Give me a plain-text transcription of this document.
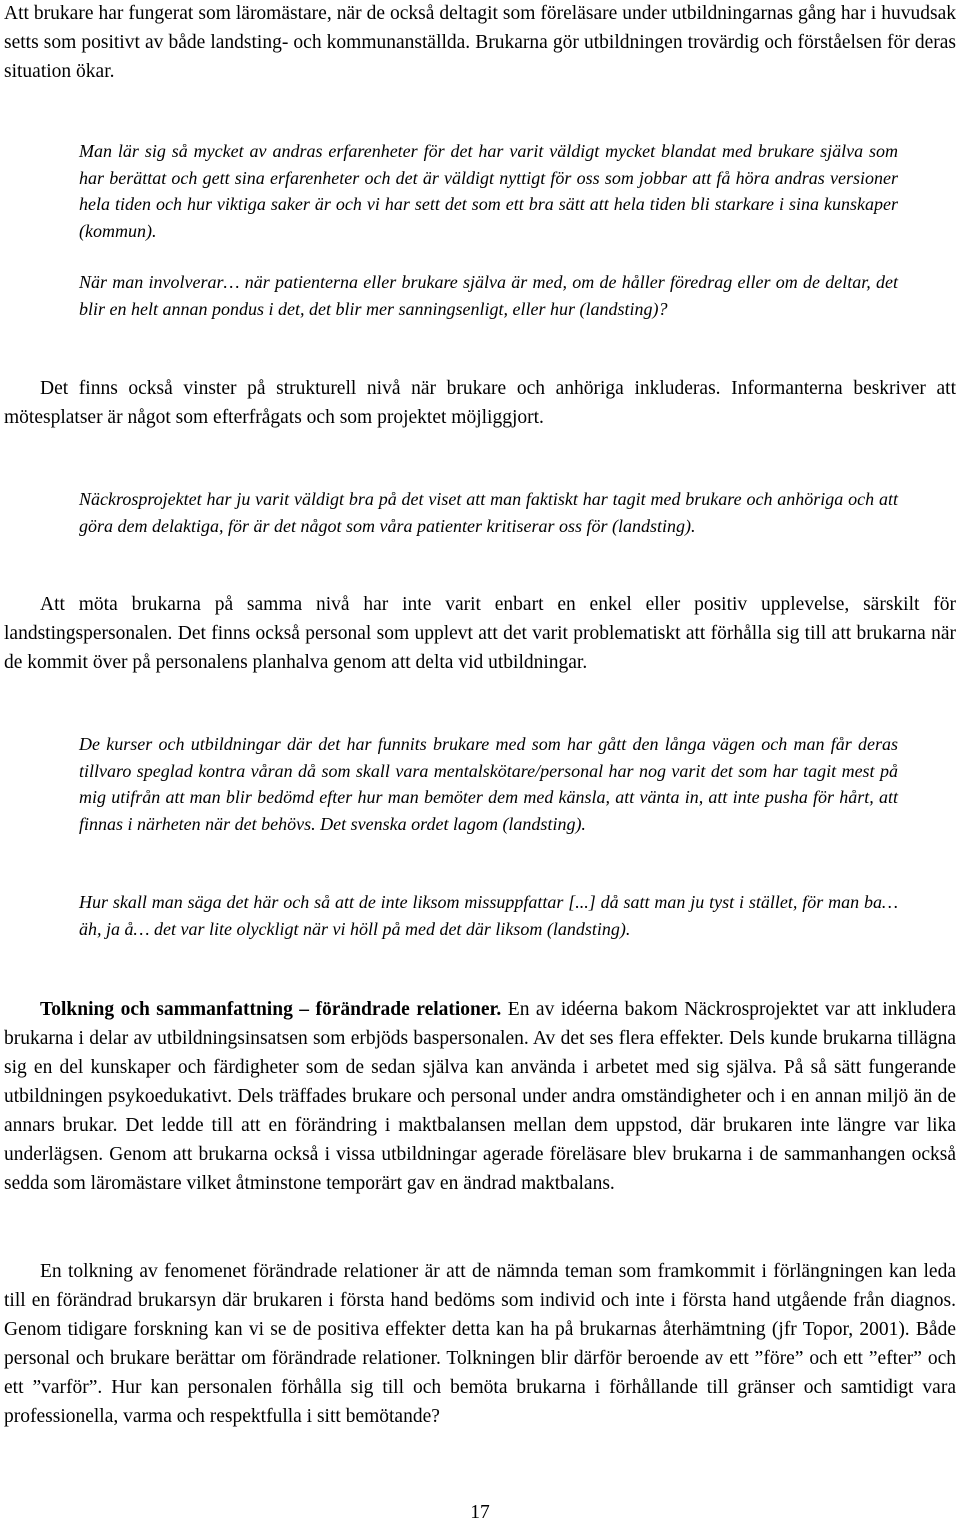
Att brukare har fungerat som läromästare, när de också deltagit som föreläsare under utbildningarnas gång har i huvudsak setts som positivt av både landsting- och kommunanställda. Brukarna gör utbildningen trovärdig och förståelsen för deras situation ökar.

Man lär sig så mycket av andras erfarenheter för det har varit väldigt mycket blandat med brukare själva som har berättat och gett sina erfarenheter och det är väldigt nyttigt för oss som jobbar att få höra andras versioner hela tiden och hur viktiga saker är och vi har sett det som ett bra sätt att hela tiden bli starkare i sina kunskaper (kommun).

När man involverar… när patienterna eller brukare själva är med, om de håller föredrag eller om de deltar, det blir en helt annan pondus i det, det blir mer sanningsenligt, eller hur (landsting)?

Det finns också vinster på strukturell nivå när brukare och anhöriga inkluderas. Informanterna beskriver att mötesplatser är något som efterfrågats och som projektet möjliggjort.

Näckrosprojektet har ju varit väldigt bra på det viset att man faktiskt har tagit med brukare och anhöriga och att göra dem delaktiga, för är det något som våra patienter kritiserar oss för (landsting).

Att möta brukarna på samma nivå har inte varit enbart en enkel eller positiv upplevelse, särskilt för landstingspersonalen. Det finns också personal som upplevt att det varit problematiskt att förhålla sig till att brukarna när de kommit över på personalens planhalva genom att delta vid utbildningar.

De kurser och utbildningar där det har funnits brukare med som har gått den långa vägen och man får deras tillvaro speglad kontra våran då som skall vara mentalskötare/personal har nog varit det som har tagit mest på mig utifrån att man blir bedömd efter hur man bemöter dem med känsla, att vänta in, att inte pusha för hårt, att finnas i närheten när det behövs. Det svenska ordet lagom (landsting).

Hur skall man säga det här och så att de inte liksom missuppfattar [...] då satt man ju tyst i stället, för man ba… äh, ja å… det var lite olyckligt när vi höll på med det där liksom (landsting).

Tolkning och sammanfattning – förändrade relationer. En av idéerna bakom Näckrosprojektet var att inkludera brukarna i delar av utbildningsinsatsen som erbjöds baspersonalen. Av det ses flera effekter. Dels kunde brukarna tillägna sig en del kunskaper och färdigheter som de sedan själva kan använda i arbetet med sig själva. På så sätt fungerande utbildningen psykoedukativt. Dels träffades brukare och personal under andra omständigheter och i en annan miljö än de annars brukar. Det ledde till att en förändring i maktbalansen mellan dem uppstod, där brukaren inte längre var lika underlägsen. Genom att brukarna också i vissa utbildningar agerade föreläsare blev brukarna i de sammanhangen också sedda som läromästare vilket åtminstone temporärt gav en ändrad maktbalans.

En tolkning av fenomenet förändrade relationer är att de nämnda teman som framkommit i förlängningen kan leda till en förändrad brukarsyn där brukaren i första hand bedöms som individ och inte i första hand utgående från diagnos. Genom tidigare forskning kan vi se de positiva effekter detta kan ha på brukarnas återhämtning (jfr Topor, 2001). Både personal och brukare berättar om förändrade relationer. Tolkningen blir därför beroende av ett ”före” och ett ”efter” och ett ”varför”. Hur kan personalen förhålla sig till och bemöta brukarna i förhållande till gränser och samtidigt vara professionella, varma och respektfulla i sitt bemötande?

17
